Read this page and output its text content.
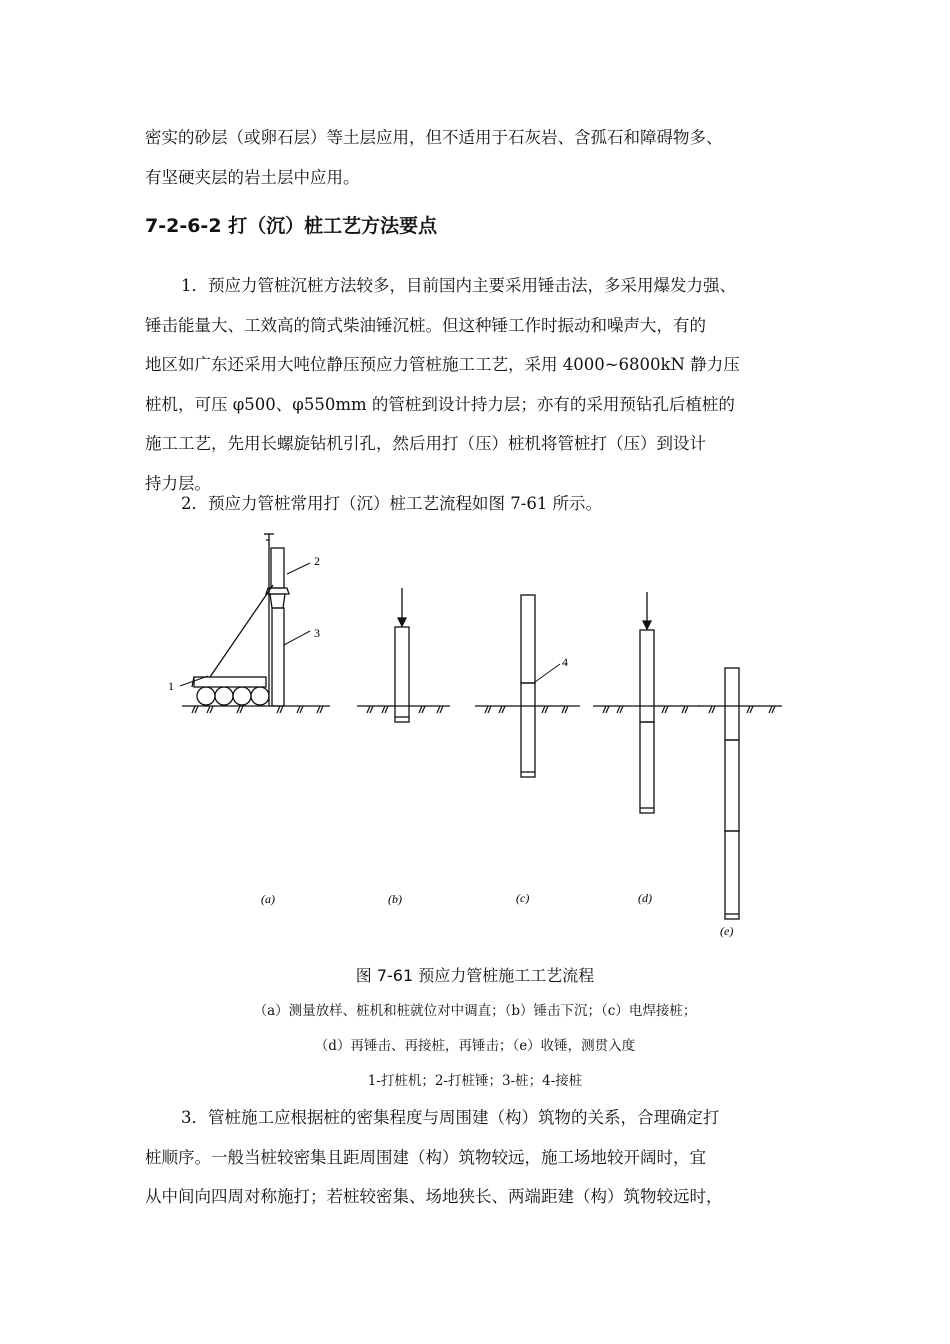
密实的砂层（或卵石层）等土层应用，但不适用于石灰岩、含孤石和障碍物多、
有坚硬夹层的岩土层中应用。

7-2-6-2 打（沉）桩工艺方法要点

1．预应力管桩沉桩方法较多，目前国内主要采用锤击法，多采用爆发力强、
锤击能量大、工效高的筒式柴油锤沉桩。但这种锤工作时振动和噪声大，有的
地区如广东还采用大吨位静压预应力管桩施工工艺，采用 4000~6800kN 静力压
桩机，可压 φ500、φ550mm 的管桩到设计持力层；亦有的采用预钻孔后植桩的
施工工艺，先用长螺旋钻机引孔，然后用打（压）桩机将管桩打（压）到设计
持力层。

2．预应力管桩常用打（沉）桩工艺流程如图 7-61 所示。

2
3
1
4
(a)	(b)	(c)	(d)
(e)

图 7-61 预应力管桩施工工艺流程

（a）测量放样、桩机和桩就位对中调直；（b）锤击下沉；（c）电焊接桩；

（d）再锤击、再接桩，再锤击；（e）收锤，测贯入度

1-打桩机；2-打桩锤；3-桩；4-接桩

3．管桩施工应根据桩的密集程度与周围建（构）筑物的关系，合理确定打
桩顺序。一般当桩较密集且距周围建（构）筑物较远，施工场地较开阔时，宜
从中间向四周对称施打；若桩较密集、场地狭长、两端距建（构）筑物较远时，
